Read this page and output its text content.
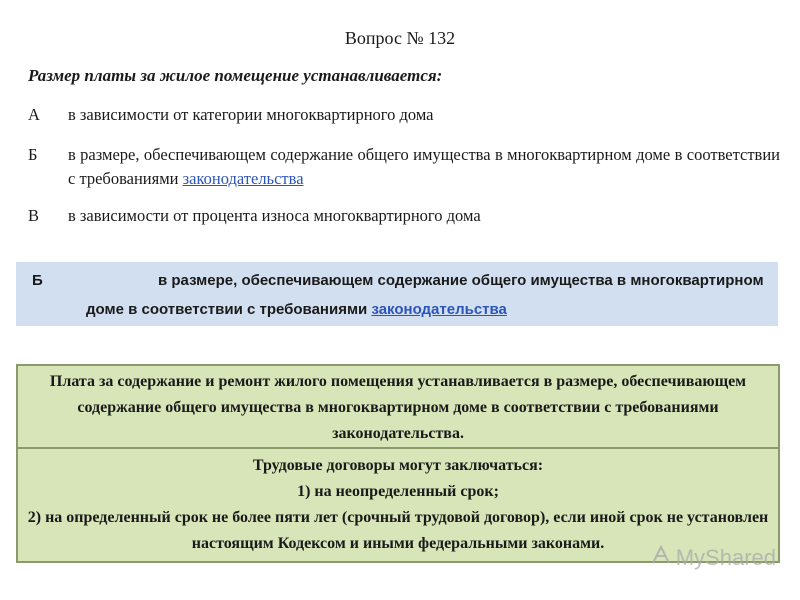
Вопрос № 132
Размер платы за жилое помещение устанавливается:
А в зависимости от категории многоквартирного дома
Б в размере, обеспечивающем содержание общего имущества в многоквартирном доме в соответствии с требованиями законодательства
В в зависимости от процента износа многоквартирного дома
Б	в размере, обеспечивающем содержание общего имущества в многоквартирном доме в соответствии с требованиями законодательства
Плата за содержание и ремонт жилого помещения устанавливается в размере, обеспечивающем содержание общего имущества в многоквартирном доме в соответствии с требованиями законодательства.
Трудовые договоры могут заключаться:
1) на неопределенный срок;
2) на определенный срок не более пяти лет (срочный трудовой договор), если иной срок не установлен настоящим Кодексом и иными федеральными законами.
MyShared
